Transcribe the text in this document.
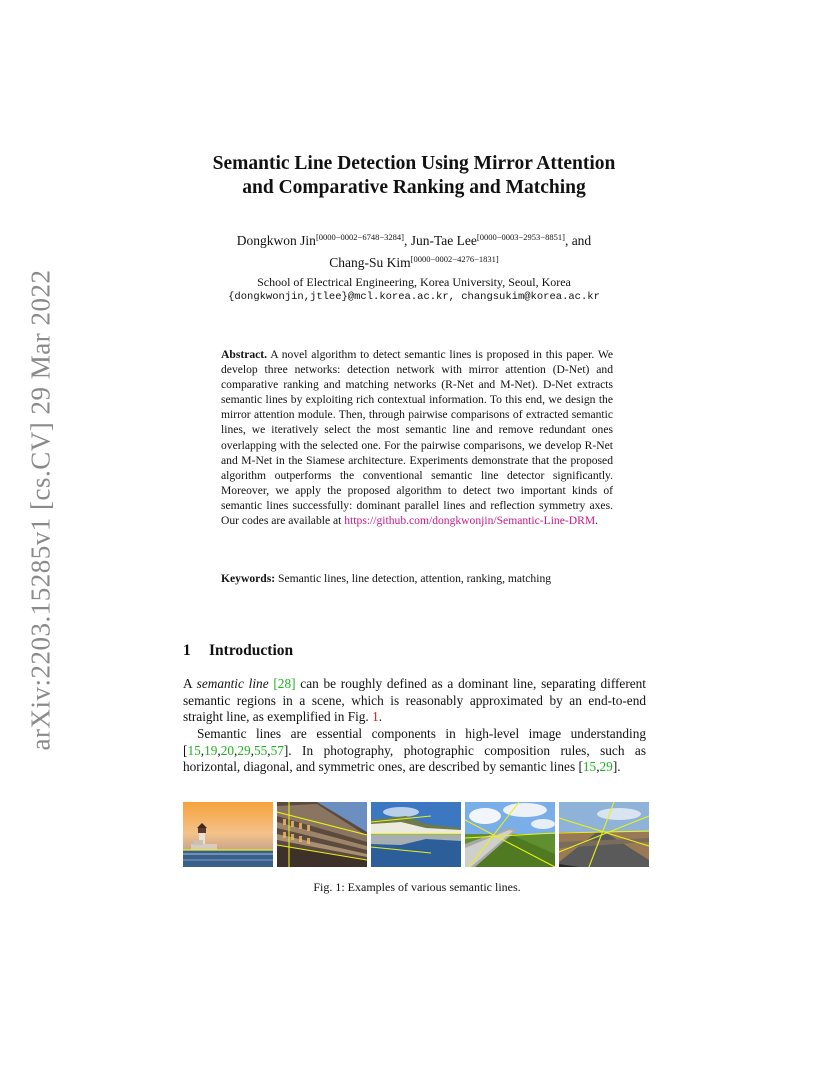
arXiv:2203.15285v1 [cs.CV] 29 Mar 2022
Semantic Line Detection Using Mirror Attention
and Comparative Ranking and Matching
Dongkwon Jin[0000−0002−6748−3284], Jun-Tae Lee[0000−0003−2953−8851], and
Chang-Su Kim[0000−0002−4276−1831]
School of Electrical Engineering, Korea University, Seoul, Korea
{dongkwonjin,jtlee}@mcl.korea.ac.kr, changsukim@korea.ac.kr
Abstract. A novel algorithm to detect semantic lines is proposed in this paper. We develop three networks: detection network with mirror attention (D-Net) and comparative ranking and matching networks (R-Net and M-Net). D-Net extracts semantic lines by exploiting rich contextual information. To this end, we design the mirror attention module. Then, through pairwise comparisons of extracted semantic lines, we iteratively select the most semantic line and remove redundant ones overlapping with the selected one. For the pairwise comparisons, we develop R-Net and M-Net in the Siamese architecture. Experiments demonstrate that the proposed algorithm outperforms the conventional semantic line detector significantly. Moreover, we apply the proposed algorithm to detect two important kinds of semantic lines successfully: dominant parallel lines and reflection symmetry axes. Our codes are available at https://github.com/dongkwonjin/Semantic-Line-DRM.
Keywords: Semantic lines, line detection, attention, ranking, matching
1 Introduction

A semantic line [28] can be roughly defined as a dominant line, separating different semantic regions in a scene, which is reasonably approximated by an end-to-end straight line, as exemplified in Fig. 1.

Semantic lines are essential components in high-level image understanding [15,19,20,29,55,57]. In photography, photographic composition rules, such as horizontal, diagonal, and symmetric ones, are described by semantic lines [15,29].

Fig. 1: Examples of various semantic lines.
